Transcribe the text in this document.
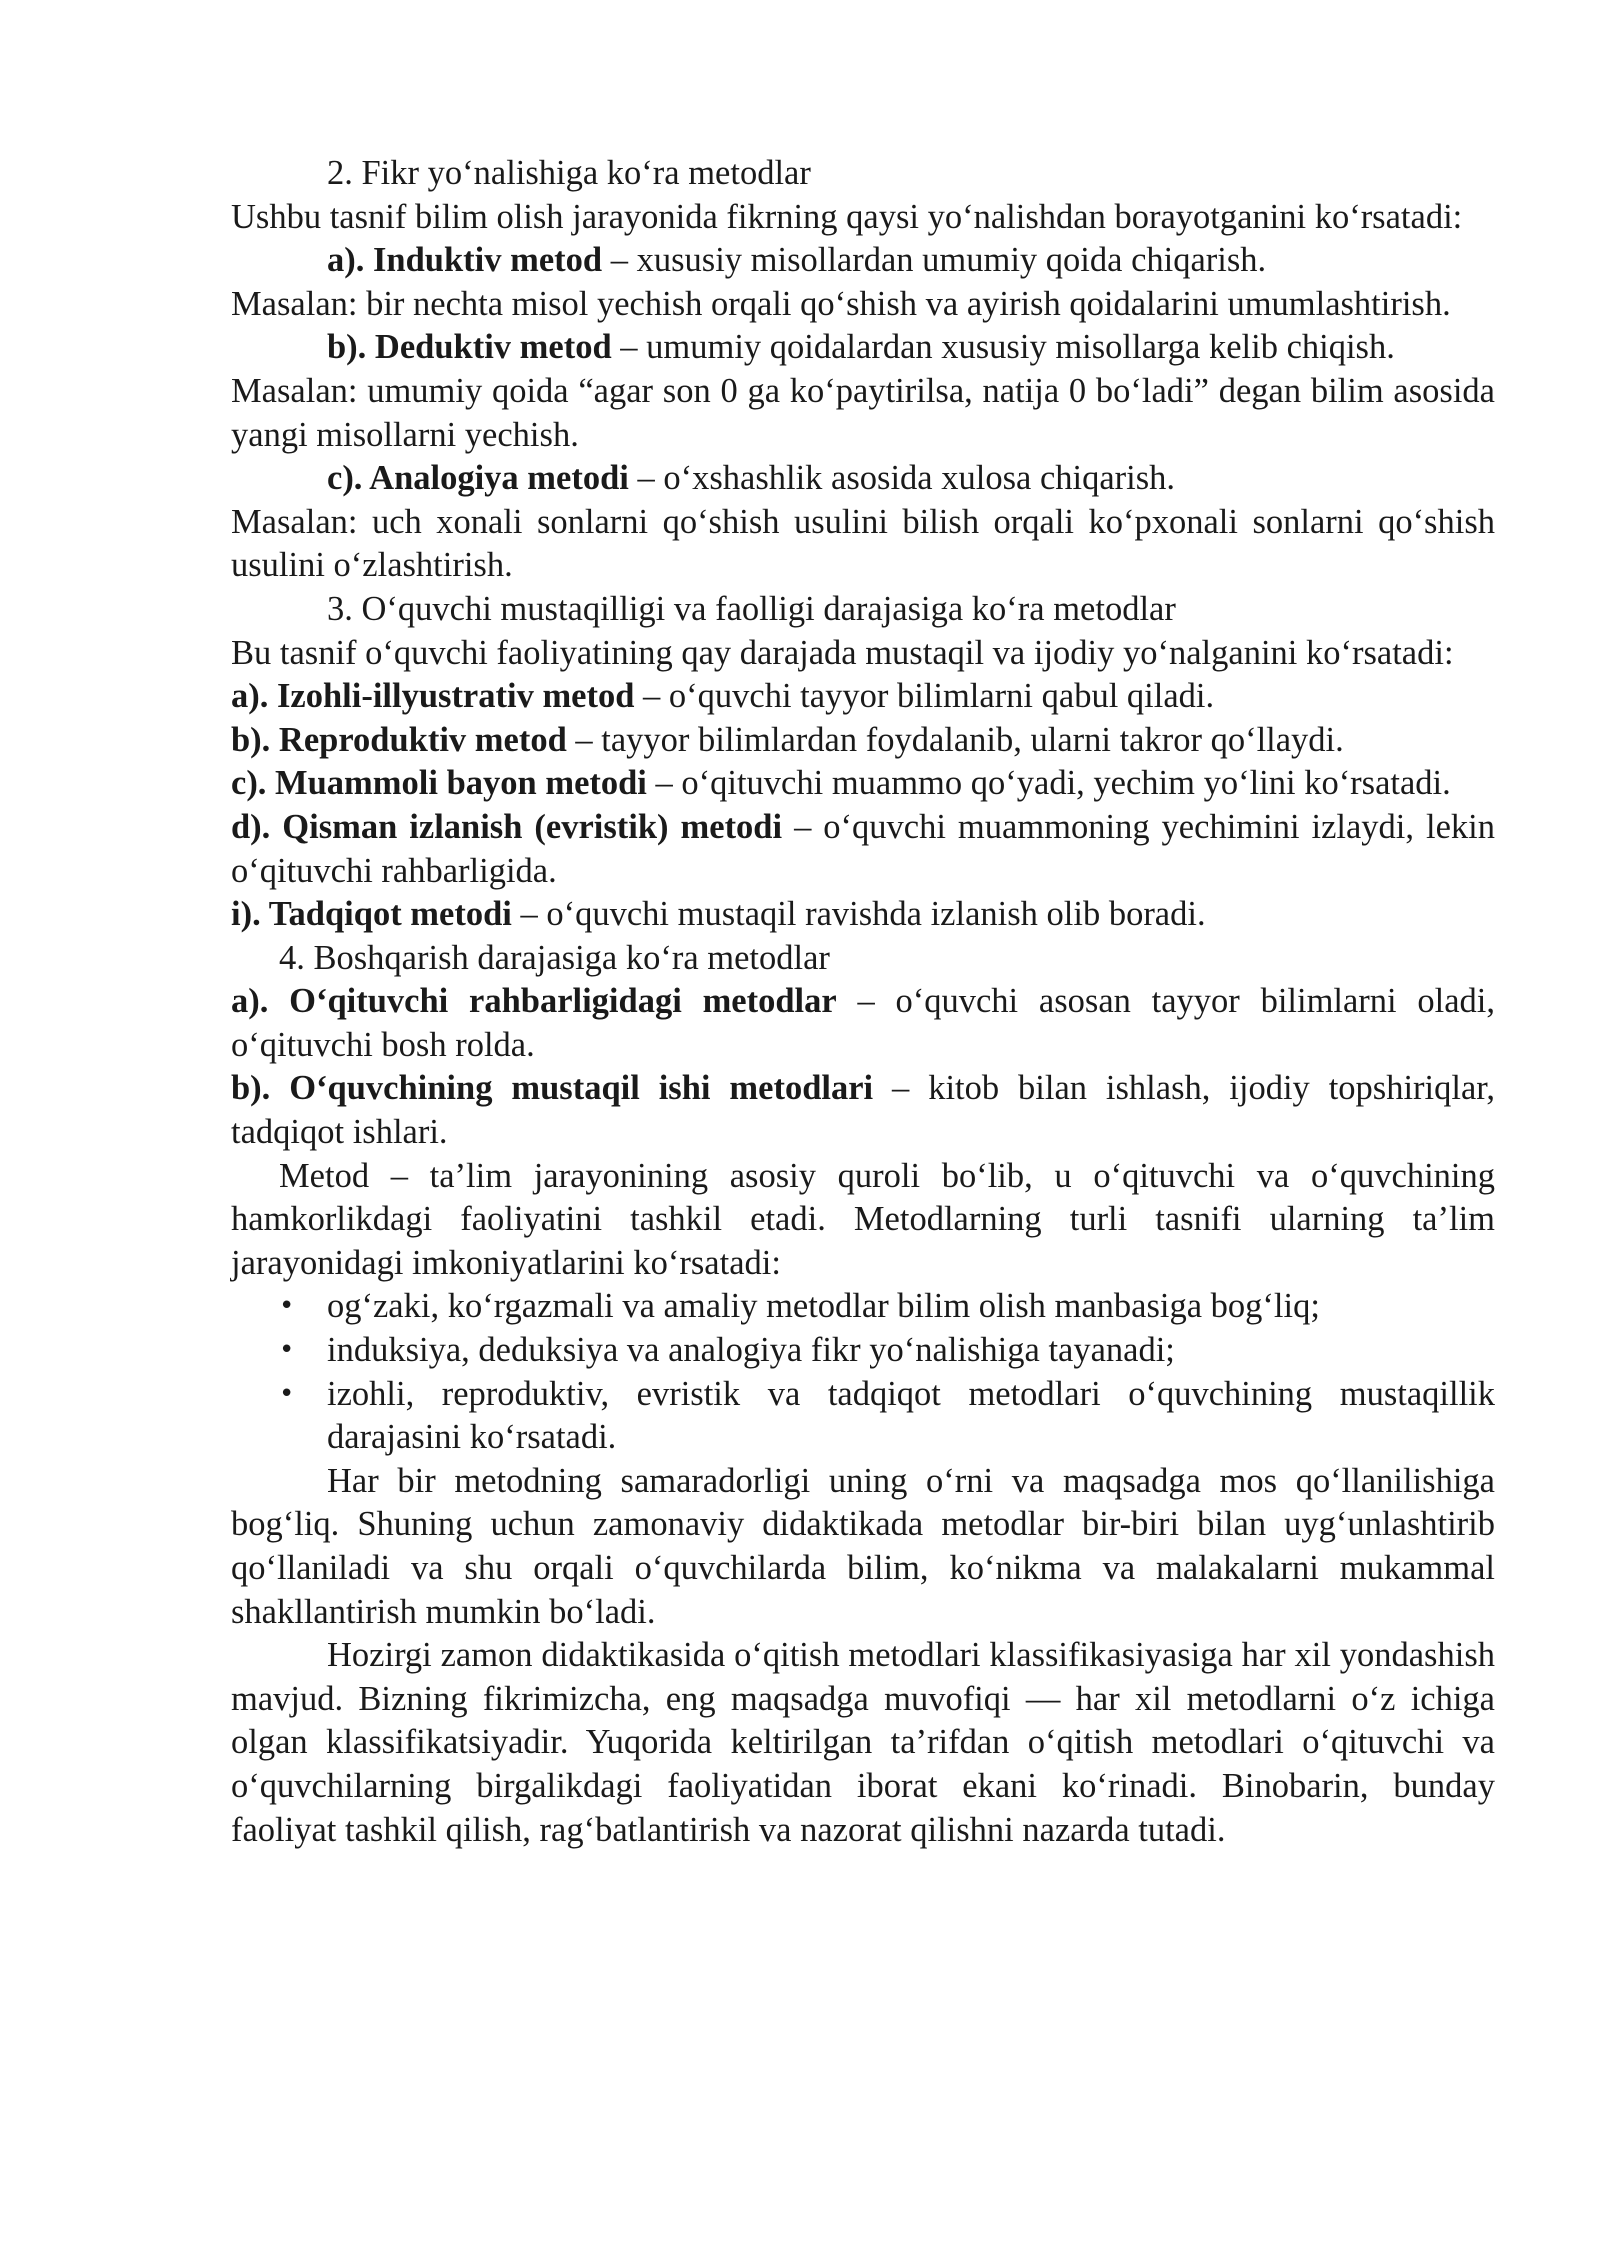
2. Fikr yo‘nalishiga ko‘ra metodlar

Ushbu tasnif bilim olish jarayonida fikrning qaysi yo‘nalishdan borayotganini ko‘rsatadi:

a). Induktiv metod – xususiy misollardan umumiy qoida chiqarish.

Masalan: bir nechta misol yechish orqali qo‘shish va ayirish qoidalarini umumlashtirish.

b). Deduktiv metod – umumiy qoidalardan xususiy misollarga kelib chiqish.

Masalan: umumiy qoida “agar son 0 ga ko‘paytirilsa, natija 0 bo‘ladi” degan bilim asosida yangi misollarni yechish.

c). Analogiya metodi – o‘xshashlik asosida xulosa chiqarish.

Masalan: uch xonali sonlarni qo‘shish usulini bilish orqali ko‘pxonali sonlarni qo‘shish usulini o‘zlashtirish.

3. O‘quvchi mustaqilligi va faolligi darajasiga ko‘ra metodlar

Bu tasnif o‘quvchi faoliyatining qay darajada mustaqil va ijodiy yo‘nalganini ko‘rsatadi:

a). Izohli-illyustrativ metod – o‘quvchi tayyor bilimlarni qabul qiladi.

b). Reproduktiv metod – tayyor bilimlardan foydalanib, ularni takror qo‘llaydi.

c). Muammoli bayon metodi – o‘qituvchi muammo qo‘yadi, yechim yo‘lini ko‘rsatadi.

d). Qisman izlanish (evristik) metodi – o‘quvchi muammoning yechimini izlaydi, lekin o‘qituvchi rahbarligida.

i). Tadqiqot metodi – o‘quvchi mustaqil ravishda izlanish olib boradi.

4. Boshqarish darajasiga ko‘ra metodlar

a). O‘qituvchi rahbarligidagi metodlar – o‘quvchi asosan tayyor bilimlarni oladi, o‘qituvchi bosh rolda.

b). O‘quvchining mustaqil ishi metodlari – kitob bilan ishlash, ijodiy topshiriqlar, tadqiqot ishlari.

Metod – ta’lim jarayonining asosiy quroli bo‘lib, u o‘qituvchi va o‘quvchining hamkorlikdagi faoliyatini tashkil etadi. Metodlarning turli tasnifi ularning ta’lim jarayonidagi imkoniyatlarini ko‘rsatadi:

• og‘zaki, ko‘rgazmali va amaliy metodlar bilim olish manbasiga bog‘liq;
• induksiya, deduksiya va analogiya fikr yo‘nalishiga tayanadi;
• izohli, reproduktiv, evristik va tadqiqot metodlari o‘quvchining mustaqillik darajasini ko‘rsatadi.

Har bir metodning samaradorligi uning o‘rni va maqsadga mos qo‘llanilishiga bog‘liq. Shuning uchun zamonaviy didaktikada metodlar bir-biri bilan uyg‘unlashtirib qo‘llaniladi va shu orqali o‘quvchilarda bilim, ko‘nikma va malakalarni mukammal shakllantirish mumkin bo‘ladi.

Hozirgi zamon didaktikasida o‘qitish metodlari klassifikasiyasiga har xil yondashish mavjud. Bizning fikrimizcha, eng maqsadga muvofiqi — har xil metodlarni o‘z ichiga olgan klassifikatsiyadir. Yuqorida keltirilgan ta’rifdan o‘qitish metodlari o‘qituvchi va o‘quvchilarning birgalikdagi faoliyatidan iborat ekani ko‘rinadi. Binobarin, bunday faoliyat tashkil qilish, rag‘batlantirish va nazorat qilishni nazarda tutadi.
